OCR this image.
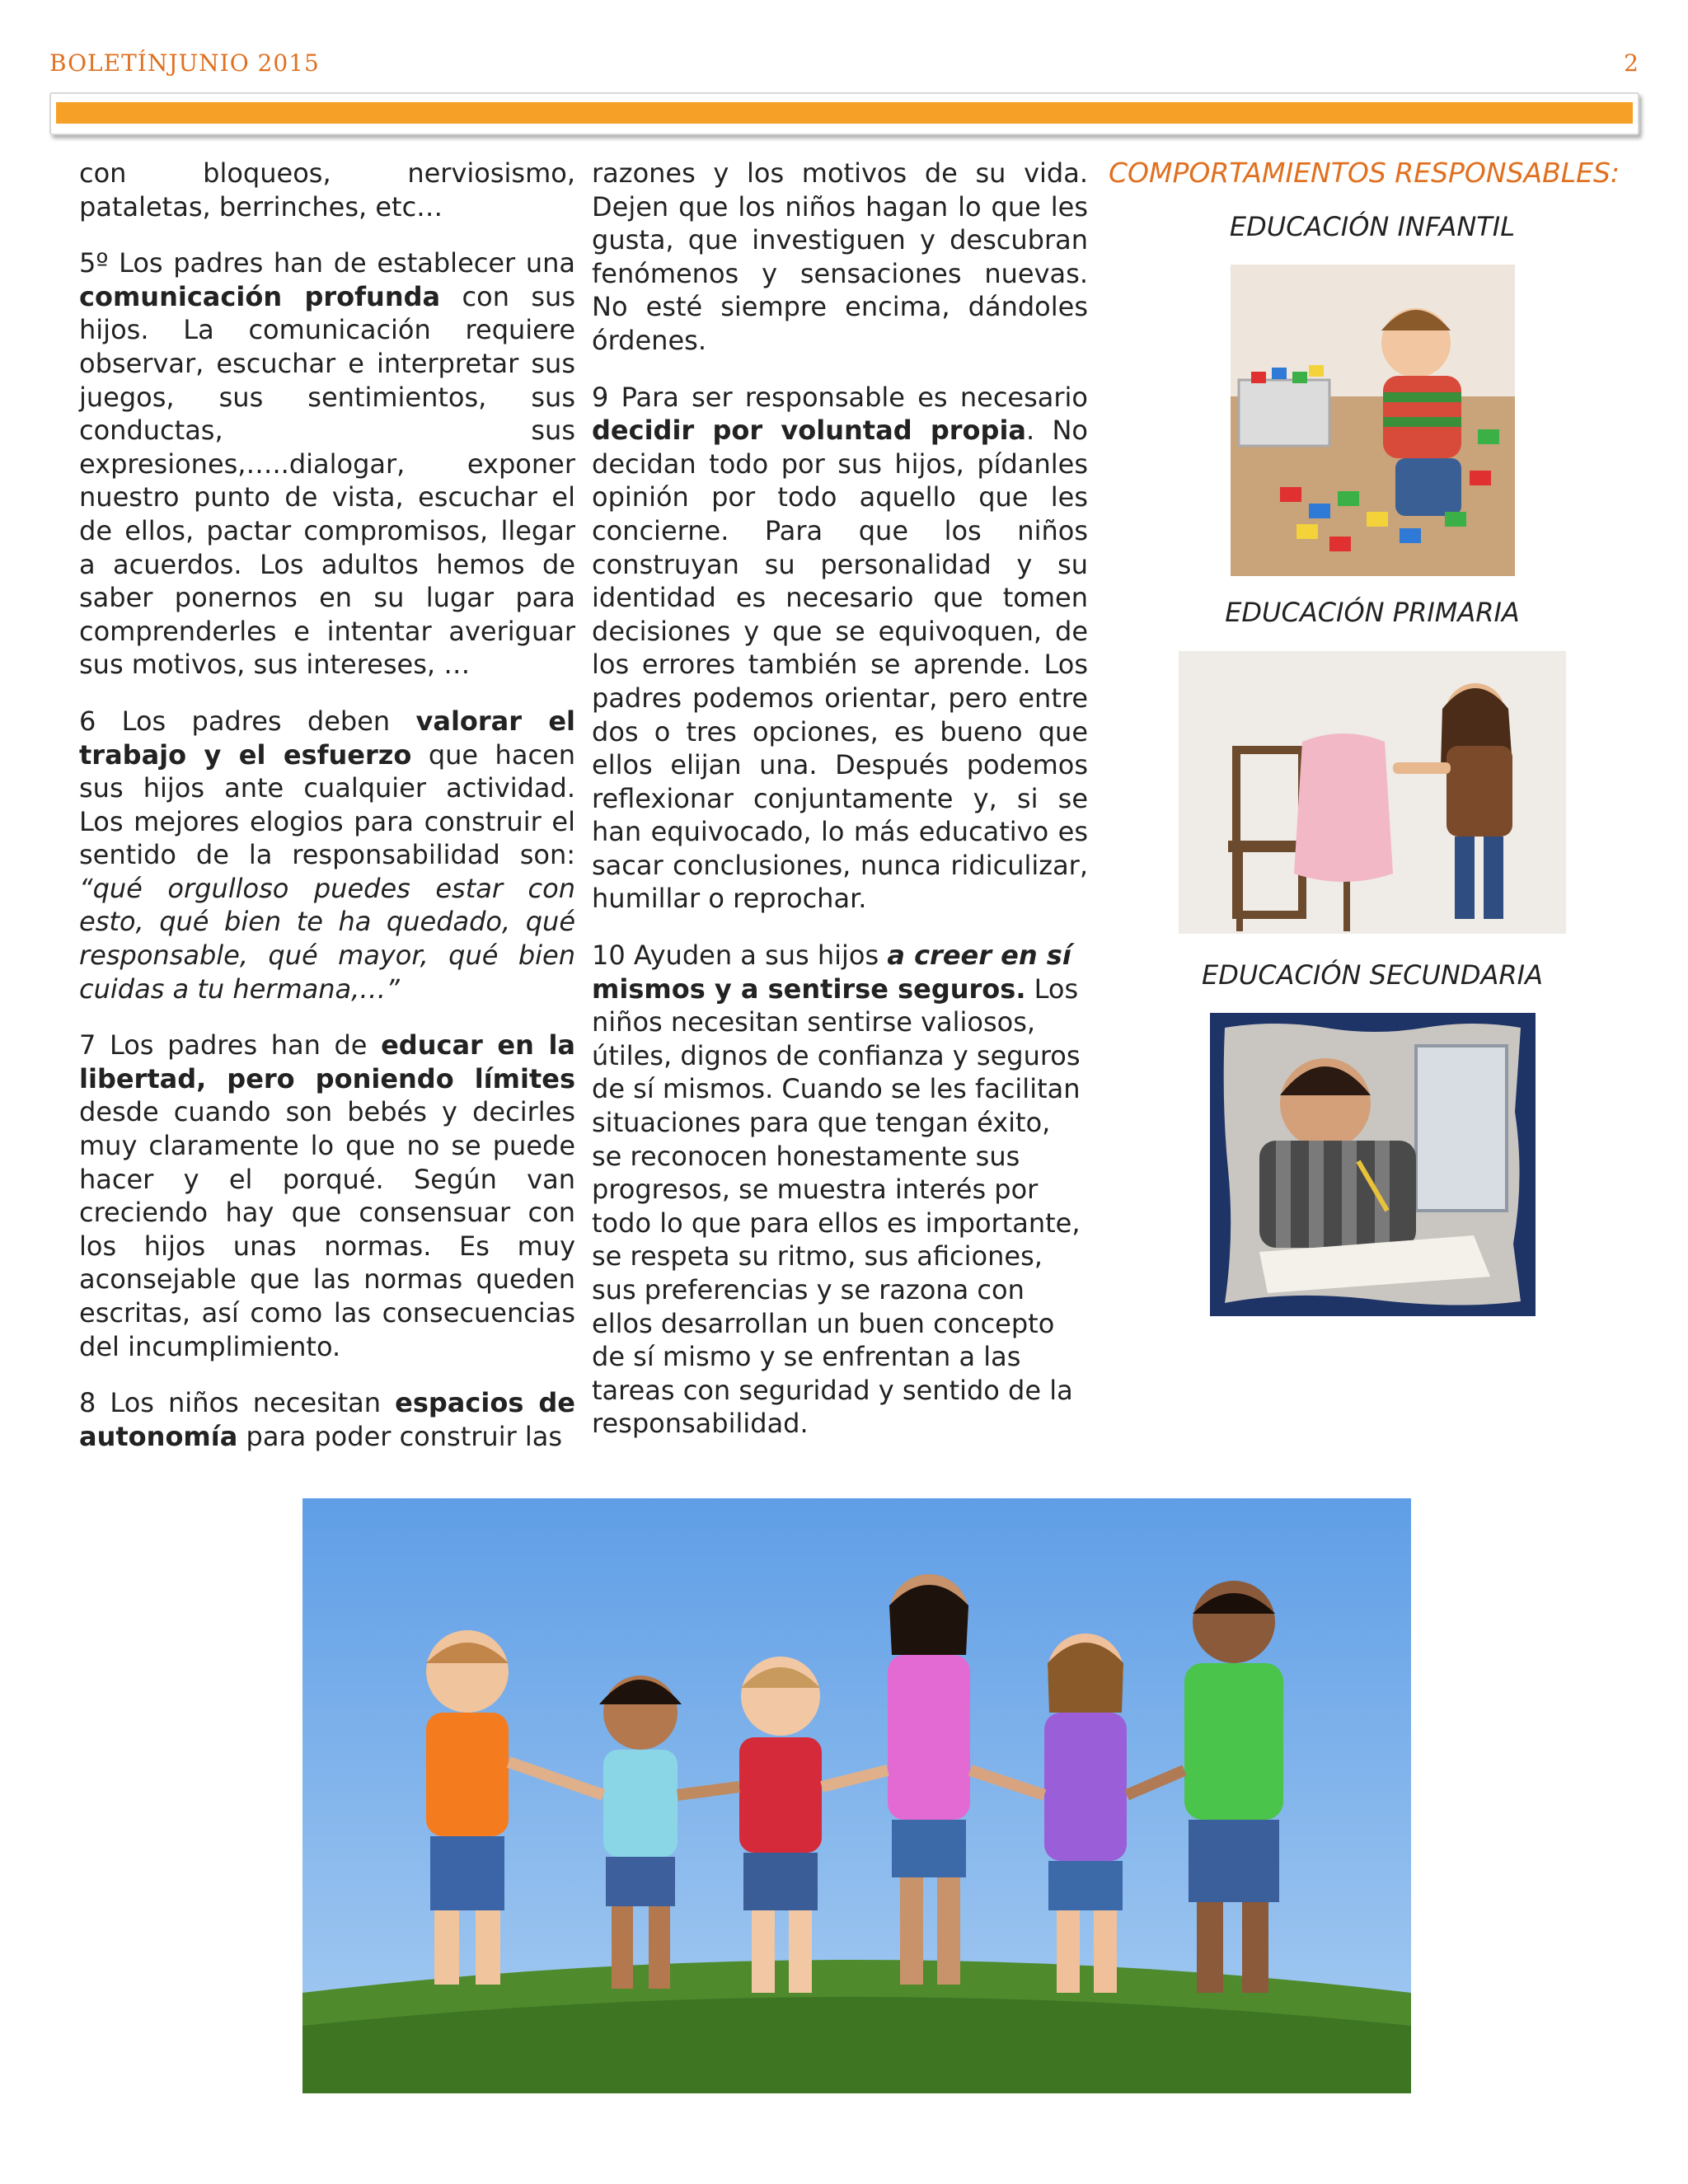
BOLETÍNJUNIO 2015	2

con bloqueos, nerviosismo, pataletas, berrinches, etc…

5º Los padres han de establecer una comunicación profunda con sus hijos. La comunicación requiere observar, escuchar e interpretar sus juegos, sus sentimientos, sus conductas, sus expresiones,…..dialogar, exponer nuestro punto de vista, escuchar el de ellos, pactar compromisos, llegar a acuerdos. Los adultos hemos de saber ponernos en su lugar para comprenderles e intentar averiguar sus motivos, sus intereses, …

6 Los padres deben valorar el trabajo y el esfuerzo que hacen sus hijos ante cualquier actividad. Los mejores elogios para construir el sentido de la responsabilidad son: “qué orgulloso puedes estar con esto, qué bien te ha quedado, qué responsable, qué mayor, qué bien cuidas a tu hermana,…”

7 Los padres han de educar en la libertad, pero poniendo límites desde cuando son bebés y decirles muy claramente lo que no se puede hacer y el porqué. Según van creciendo hay que consensuar con los hijos unas normas. Es muy aconsejable que las normas queden escritas, así como las consecuencias del incumplimiento.

8 Los niños necesitan espacios de autonomía para poder construir las

razones y los motivos de su vida. Dejen que los niños hagan lo que les gusta, que investiguen y descubran fenómenos y sensaciones nuevas. No esté siempre encima, dándoles órdenes.

9 Para ser responsable es necesario decidir por voluntad propia. No decidan todo por sus hijos, pídanles opinión por todo aquello que les concierne. Para que los niños construyan su personalidad y su identidad es necesario que tomen decisiones y que se equivoquen, de los errores también se aprende. Los padres podemos orientar, pero entre dos o tres opciones, es bueno que ellos elijan una. Después podemos reflexionar conjuntamente y, si se han equivocado, lo más educativo es sacar conclusiones, nunca ridiculizar, humillar o reprochar.

10 Ayuden a sus hijos a creer en sí mismos y a sentirse seguros. Los niños necesitan sentirse valiosos, útiles, dignos de confianza y seguros de sí mismos. Cuando se les facilitan situaciones para que tengan éxito, se reconocen honestamente sus progresos, se muestra interés por todo lo que para ellos es importante, se respeta su ritmo, sus aficiones, sus preferencias y se razona con ellos desarrollan un buen concepto de sí mismo y se enfrentan a las tareas con seguridad y sentido de la responsabilidad.

COMPORTAMIENTOS RESPONSABLES:
EDUCACIÓN INFANTIL
EDUCACIÓN PRIMARIA
EDUCACIÓN SECUNDARIA
